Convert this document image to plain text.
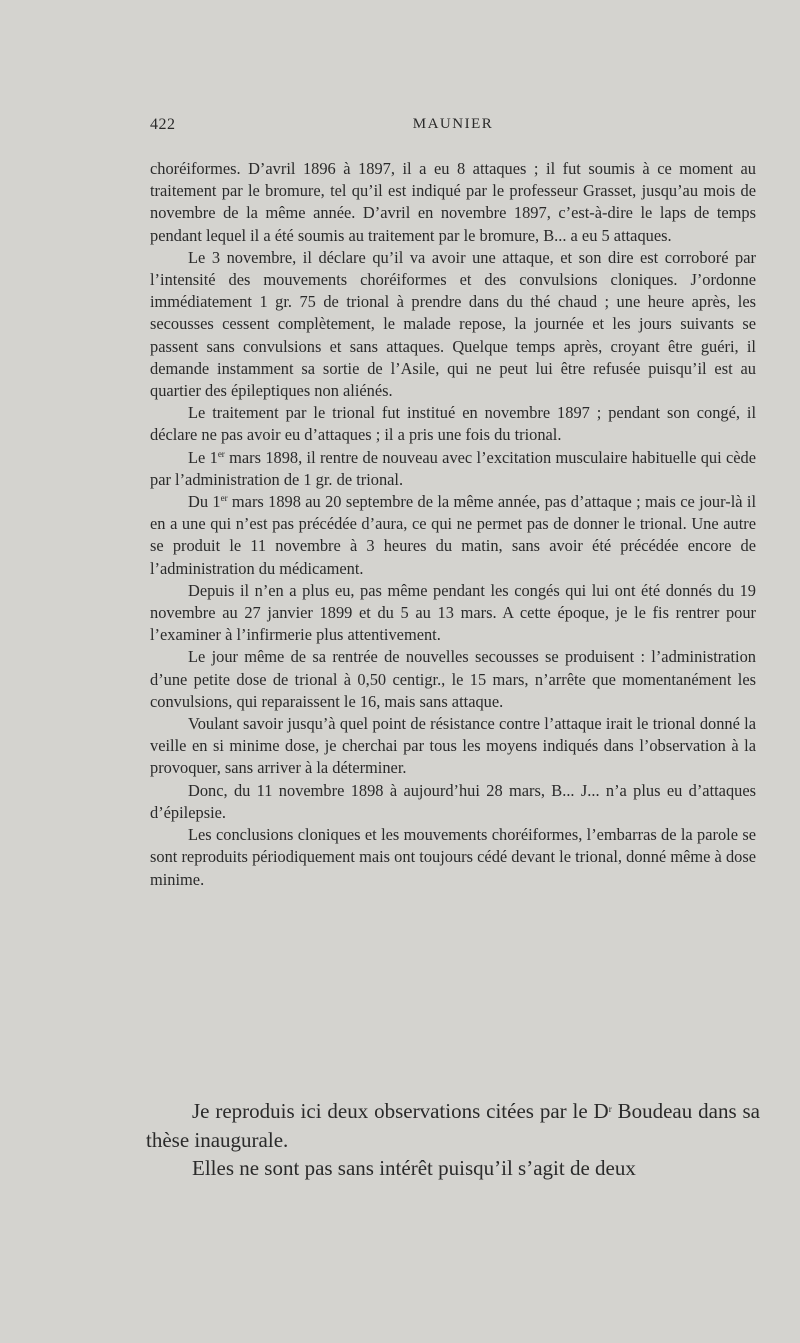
422	MAUNIER

choréiformes. D’avril 1896 à 1897, il a eu 8 attaques ; il fut soumis à ce moment au traitement par le bromure, tel qu’il est indiqué par le professeur Grasset, jusqu’au mois de novembre de la même année. D’avril en novembre 1897, c’est-à-dire le laps de temps pendant lequel il a été soumis au traitement par le bromure, B... a eu 5 attaques.

Le 3 novembre, il déclare qu’il va avoir une attaque, et son dire est corroboré par l’intensité des mouvements choréiformes et des convulsions cloniques. J’ordonne immédiatement 1 gr. 75 de trional à prendre dans du thé chaud ; une heure après, les secousses cessent complètement, le malade repose, la journée et les jours suivants se passent sans convulsions et sans attaques. Quelque temps après, croyant être guéri, il demande instamment sa sortie de l’Asile, qui ne peut lui être refusée puisqu’il est au quartier des épileptiques non aliénés.

Le traitement par le trional fut institué en novembre 1897 ; pendant son congé, il déclare ne pas avoir eu d’attaques ; il a pris une fois du trional.

Le 1er mars 1898, il rentre de nouveau avec l’excitation musculaire habituelle qui cède par l’administration de 1 gr. de trional.

Du 1er mars 1898 au 20 septembre de la même année, pas d’attaque ; mais ce jour-là il en a une qui n’est pas précédée d’aura, ce qui ne permet pas de donner le trional. Une autre se produit le 11 novembre à 3 heures du matin, sans avoir été précédée encore de l’administration du médicament.

Depuis il n’en a plus eu, pas même pendant les congés qui lui ont été donnés du 19 novembre au 27 janvier 1899 et du 5 au 13 mars. A cette époque, je le fis rentrer pour l’examiner à l’infirmerie plus attentivement.

Le jour même de sa rentrée de nouvelles secousses se produisent : l’administration d’une petite dose de trional à 0,50 centigr., le 15 mars, n’arrête que momentanément les convulsions, qui reparaissent le 16, mais sans attaque.

Voulant savoir jusqu’à quel point de résistance contre l’attaque irait le trional donné la veille en si minime dose, je cherchai par tous les moyens indiqués dans l’observation à la provoquer, sans arriver à la déterminer.

Donc, du 11 novembre 1898 à aujourd’hui 28 mars, B... J... n’a plus eu d’attaques d’épilepsie.

Les conclusions cloniques et les mouvements choréiformes, l’embarras de la parole se sont reproduits périodiquement mais ont toujours cédé devant le trional, donné même à dose minime.

Je reproduis ici deux observations citées par le $D^r$ Boudeau dans sa thèse inaugurale.

Elles ne sont pas sans intérêt puisqu’il s’agit de deux
